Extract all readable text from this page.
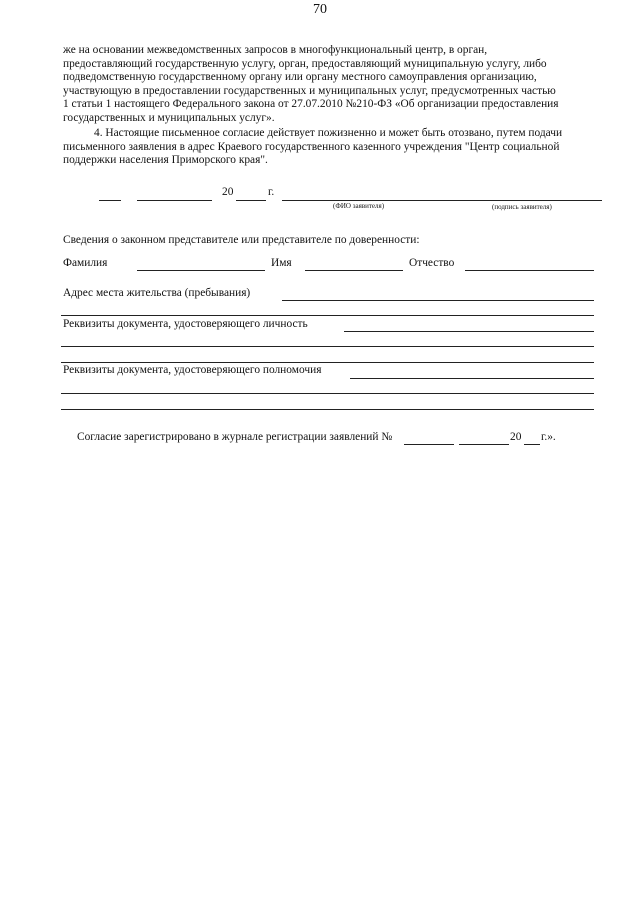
70

же на основании межведомственных запросов в многофункциональный центр, в орган,

предоставляющий государственную услугу, орган, предоставляющий муниципальную услугу, либо

подведомственную государственному органу или органу местного самоуправления организацию,

участвующую в предоставлении государственных и муниципальных услуг, предусмотренных частью

1 статьи 1 настоящего Федерального закона от 27.07.2010 №210-ФЗ «Об организации предоставления

государственных и муниципальных услуг».

4. Настоящие письменное согласие действует пожизненно и может быть отозвано, путем подачи

письменного заявления в адрес Краевого государственного казенного учреждения "Центр социальной

поддержки населения Приморского края".

20	г.
(ФИО заявителя)	(подпись заявителя)
Сведения о законном представителе или представителе по доверенности:
Фамилия	Имя	Отчество
Адрес места жительства (пребывания)
Реквизиты документа, удостоверяющего личность
Реквизиты документа, удостоверяющего полномочия
Согласие зарегистрировано в журнале регистрации заявлений №	20 г.».
